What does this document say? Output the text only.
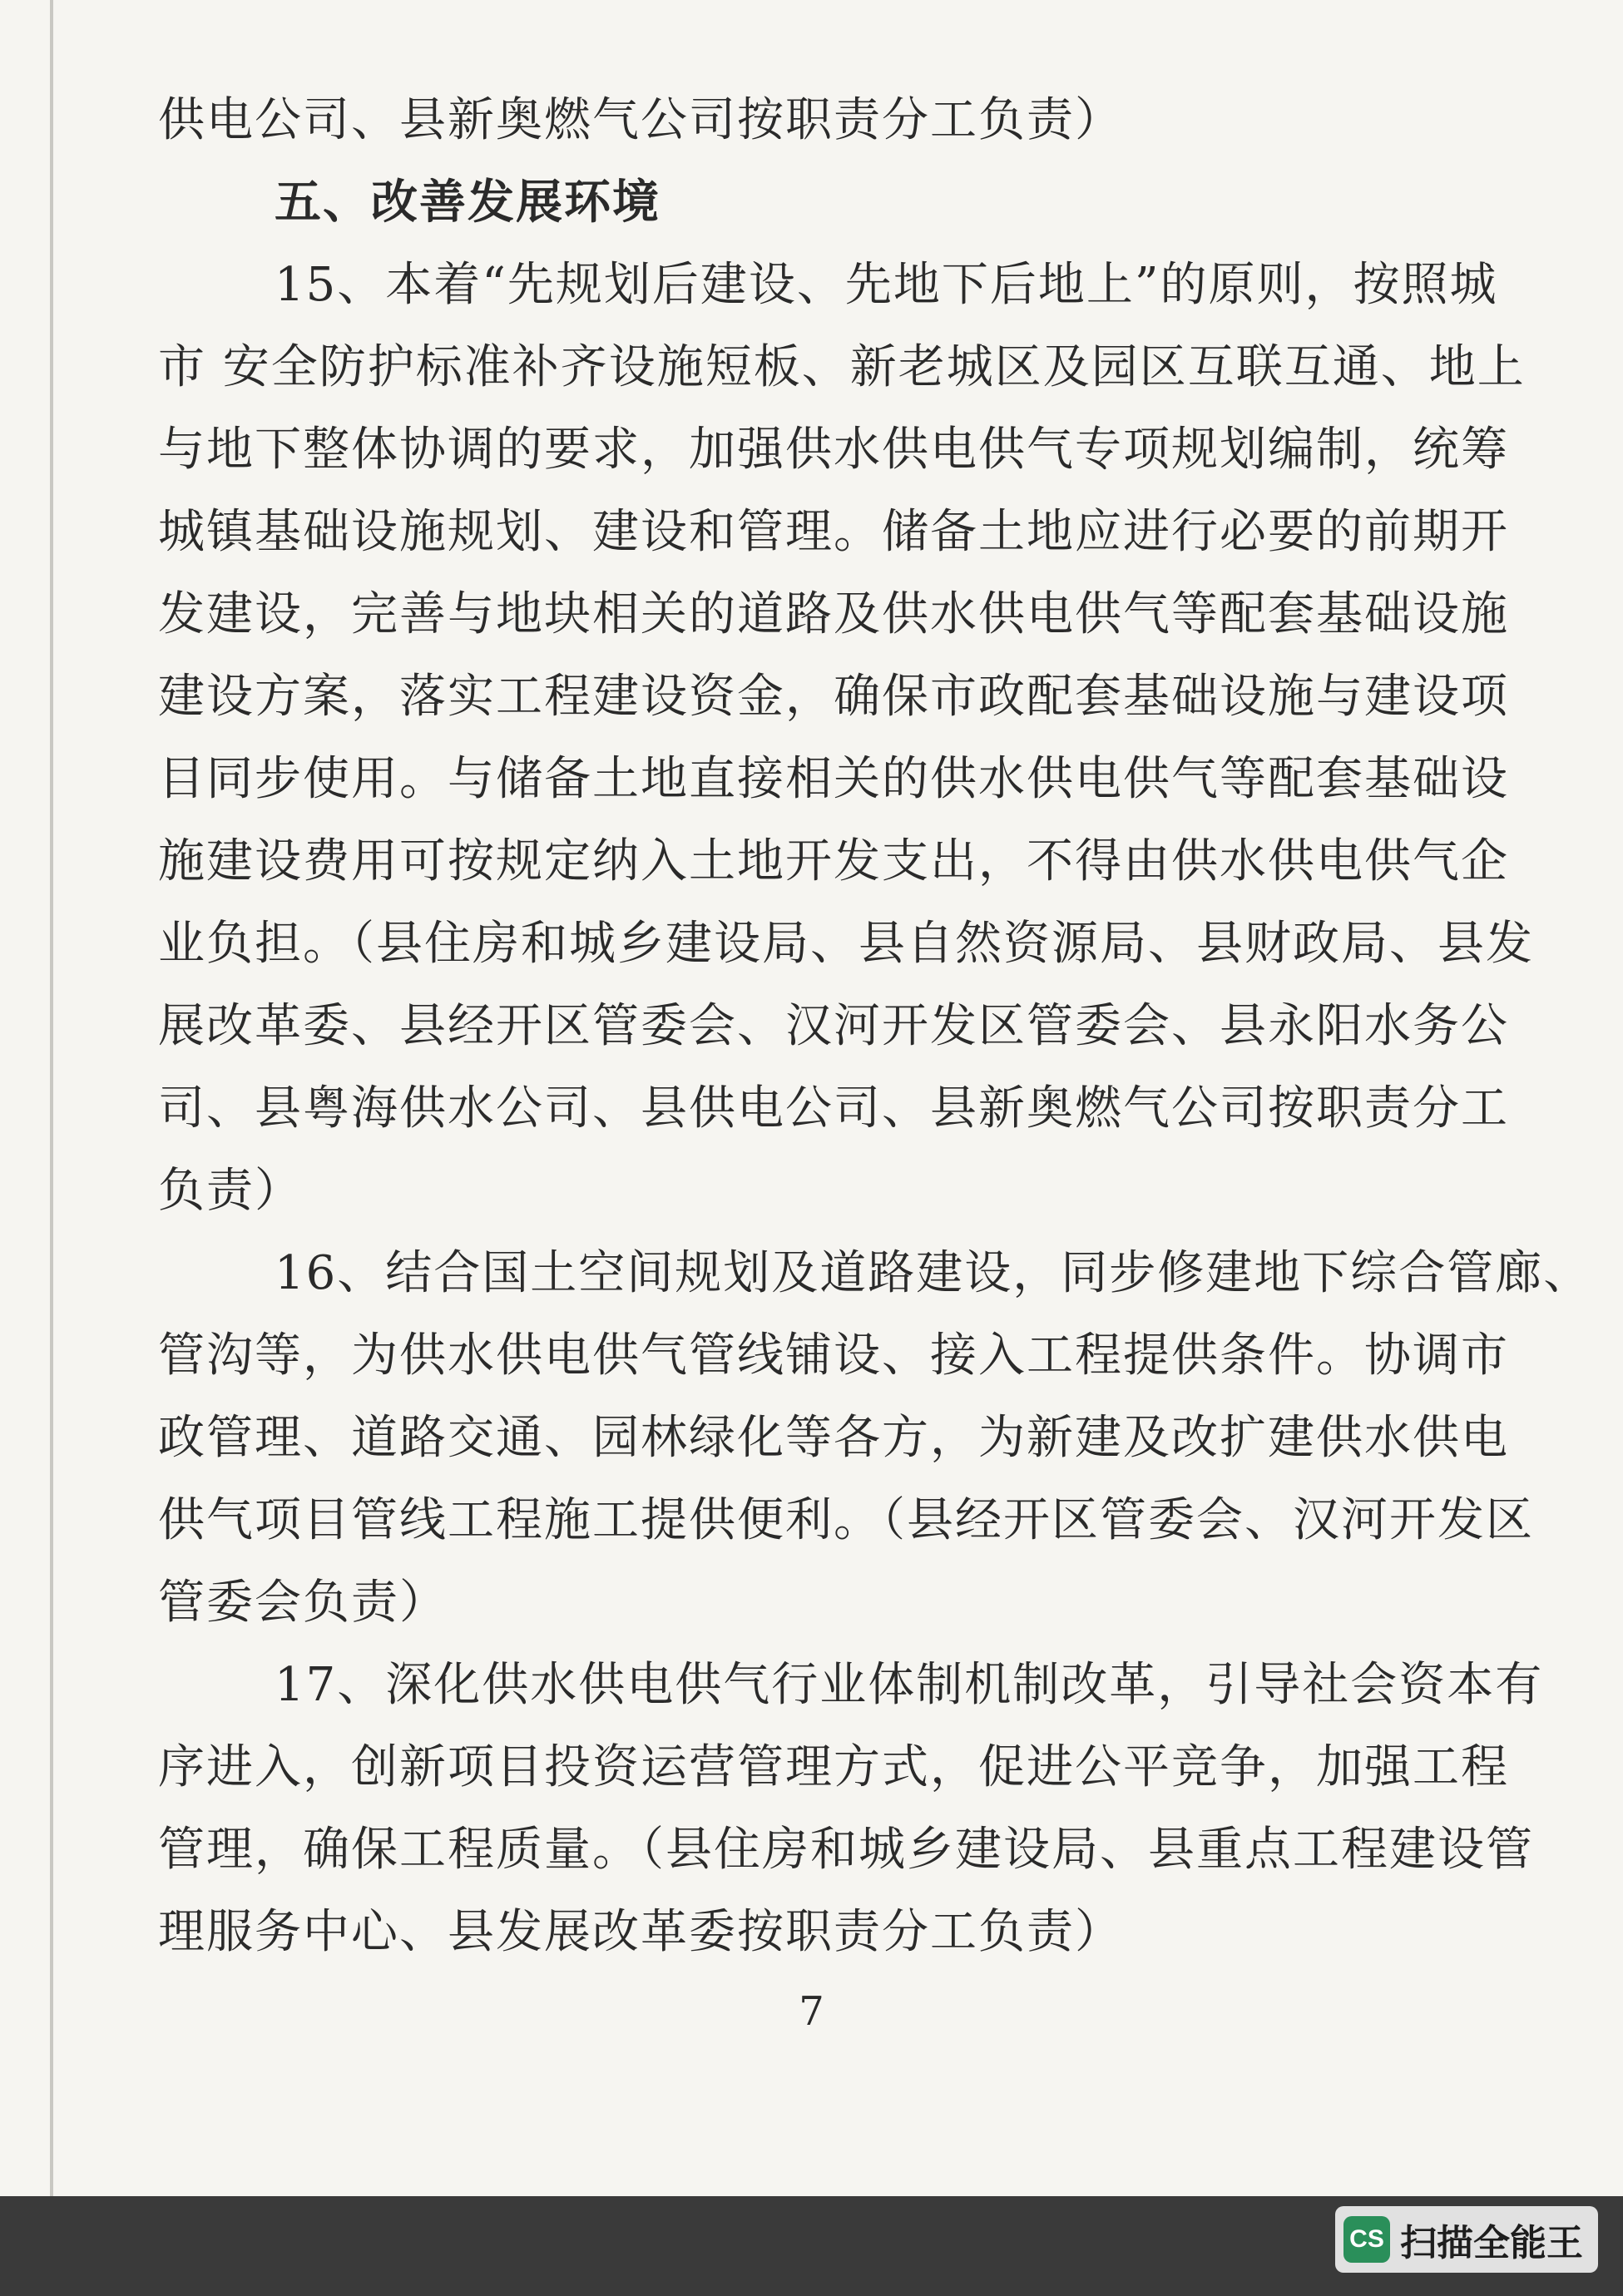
供电公司、县新奥燃气公司按职责分工负责）
五、改善发展环境
15、本着“先规划后建设、先地下后地上”的原则，按照城
市 安全防护标准补齐设施短板、新老城区及园区互联互通、地上
与地下整体协调的要求，加强供水供电供气专项规划编制，统筹
城镇基础设施规划、建设和管理。储备土地应进行必要的前期开
发建设，完善与地块相关的道路及供水供电供气等配套基础设施
建设方案，落实工程建设资金，确保市政配套基础设施与建设项
目同步使用。与储备土地直接相关的供水供电供气等配套基础设
施建设费用可按规定纳入土地开发支出，不得由供水供电供气企
业负担。（县住房和城乡建设局、县自然资源局、县财政局、县发
展改革委、县经开区管委会、汉河开发区管委会、县永阳水务公
司、县粤海供水公司、县供电公司、县新奥燃气公司按职责分工
负责）
16、结合国土空间规划及道路建设，同步修建地下综合管廊、
管沟等，为供水供电供气管线铺设、接入工程提供条件。协调市
政管理、道路交通、园林绿化等各方，为新建及改扩建供水供电
供气项目管线工程施工提供便利。（县经开区管委会、汉河开发区
管委会负责）
17、深化供水供电供气行业体制机制改革，引导社会资本有
序进入，创新项目投资运营管理方式，促进公平竞争，加强工程
管理，确保工程质量。（县住房和城乡建设局、县重点工程建设管
理服务中心、县发展改革委按职责分工负责）
7
CS 扫描全能王
